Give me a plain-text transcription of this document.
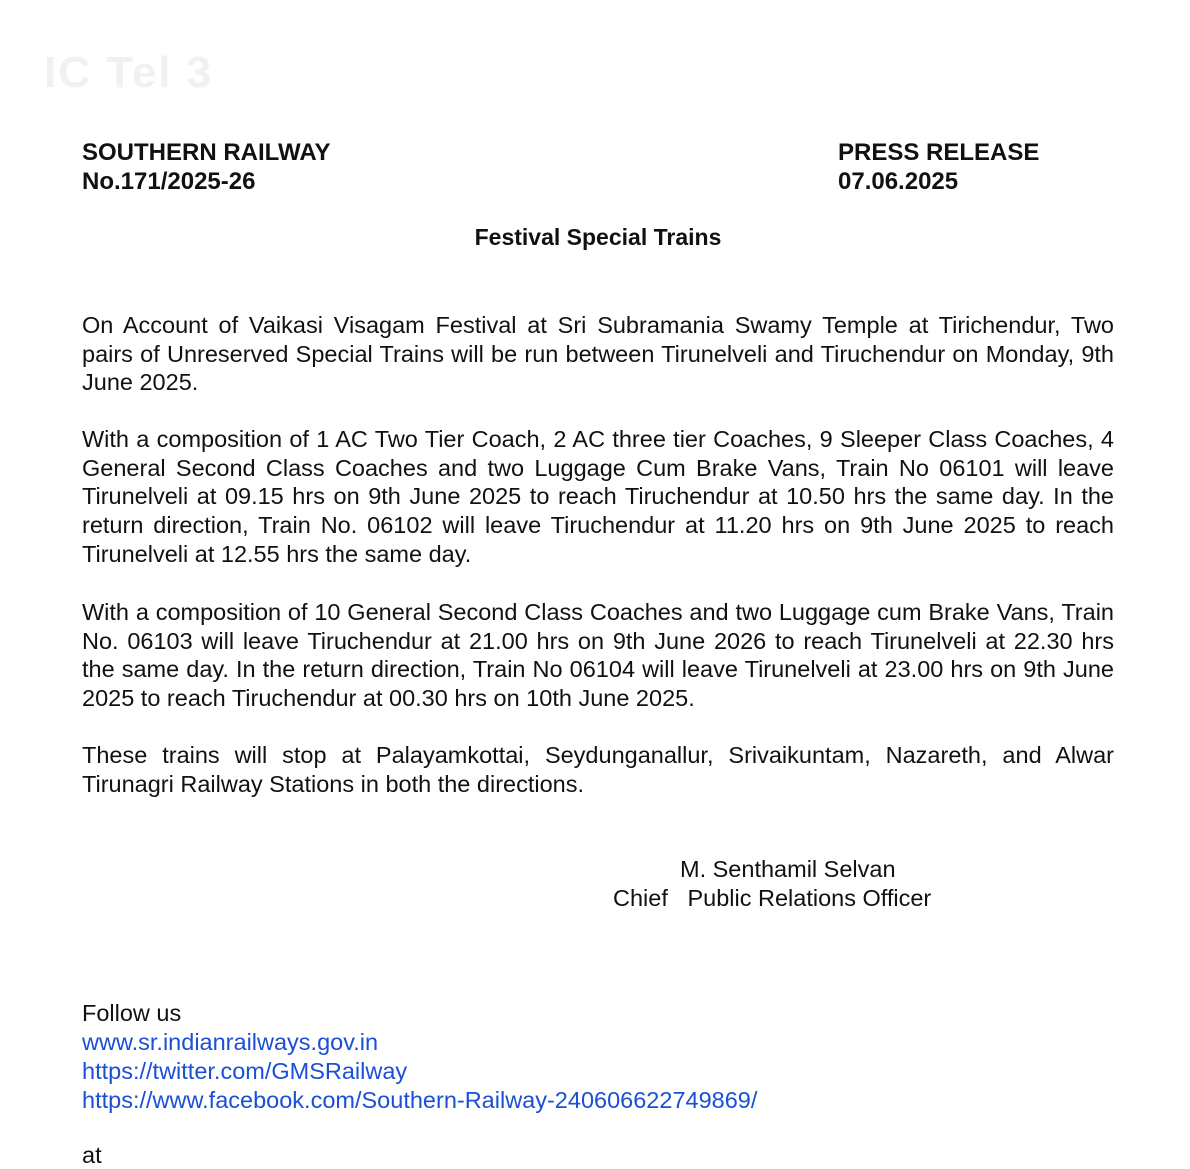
IC Tel 3
SOUTHERN RAILWAY
No.171/2025-26
PRESS RELEASE
07.06.2025
Festival Special Trains

On Account of Vaikasi Visagam Festival at Sri Subramania Swamy Temple at Tirichendur, Two pairs of Unreserved Special Trains will be run between Tirunelveli and Tiruchendur on Monday, 9th June 2025.

With a composition of 1 AC Two Tier Coach, 2 AC three tier Coaches, 9 Sleeper Class Coaches, 4 General Second Class Coaches and two Luggage Cum Brake Vans, Train No 06101 will leave Tirunelveli at 09.15 hrs on 9th June 2025 to reach Tiruchendur at 10.50 hrs the same day. In the return direction, Train No. 06102 will leave Tiruchendur at 11.20 hrs on 9th June 2025 to reach Tirunelveli at 12.55 hrs the same day.

With a composition of 10 General Second Class Coaches and two Luggage cum Brake Vans, Train No. 06103 will leave Tiruchendur at 21.00 hrs on 9th June 2026 to reach Tirunelveli at 22.30 hrs the same day. In the return direction, Train No 06104 will leave Tirunelveli at 23.00 hrs on 9th June 2025 to reach Tiruchendur at 00.30 hrs on 10th June 2025.

These trains will stop at Palayamkottai, Seydunganallur, Srivaikuntam, Nazareth, and Alwar Tirunagri Railway Stations in both the directions.

M. Senthamil Selvan
Chief   Public Relations Officer
Follow us
www.sr.indianrailways.gov.in
https://twitter.com/GMSRailway
https://www.facebook.com/Southern-Railway-240606622749869/
at
